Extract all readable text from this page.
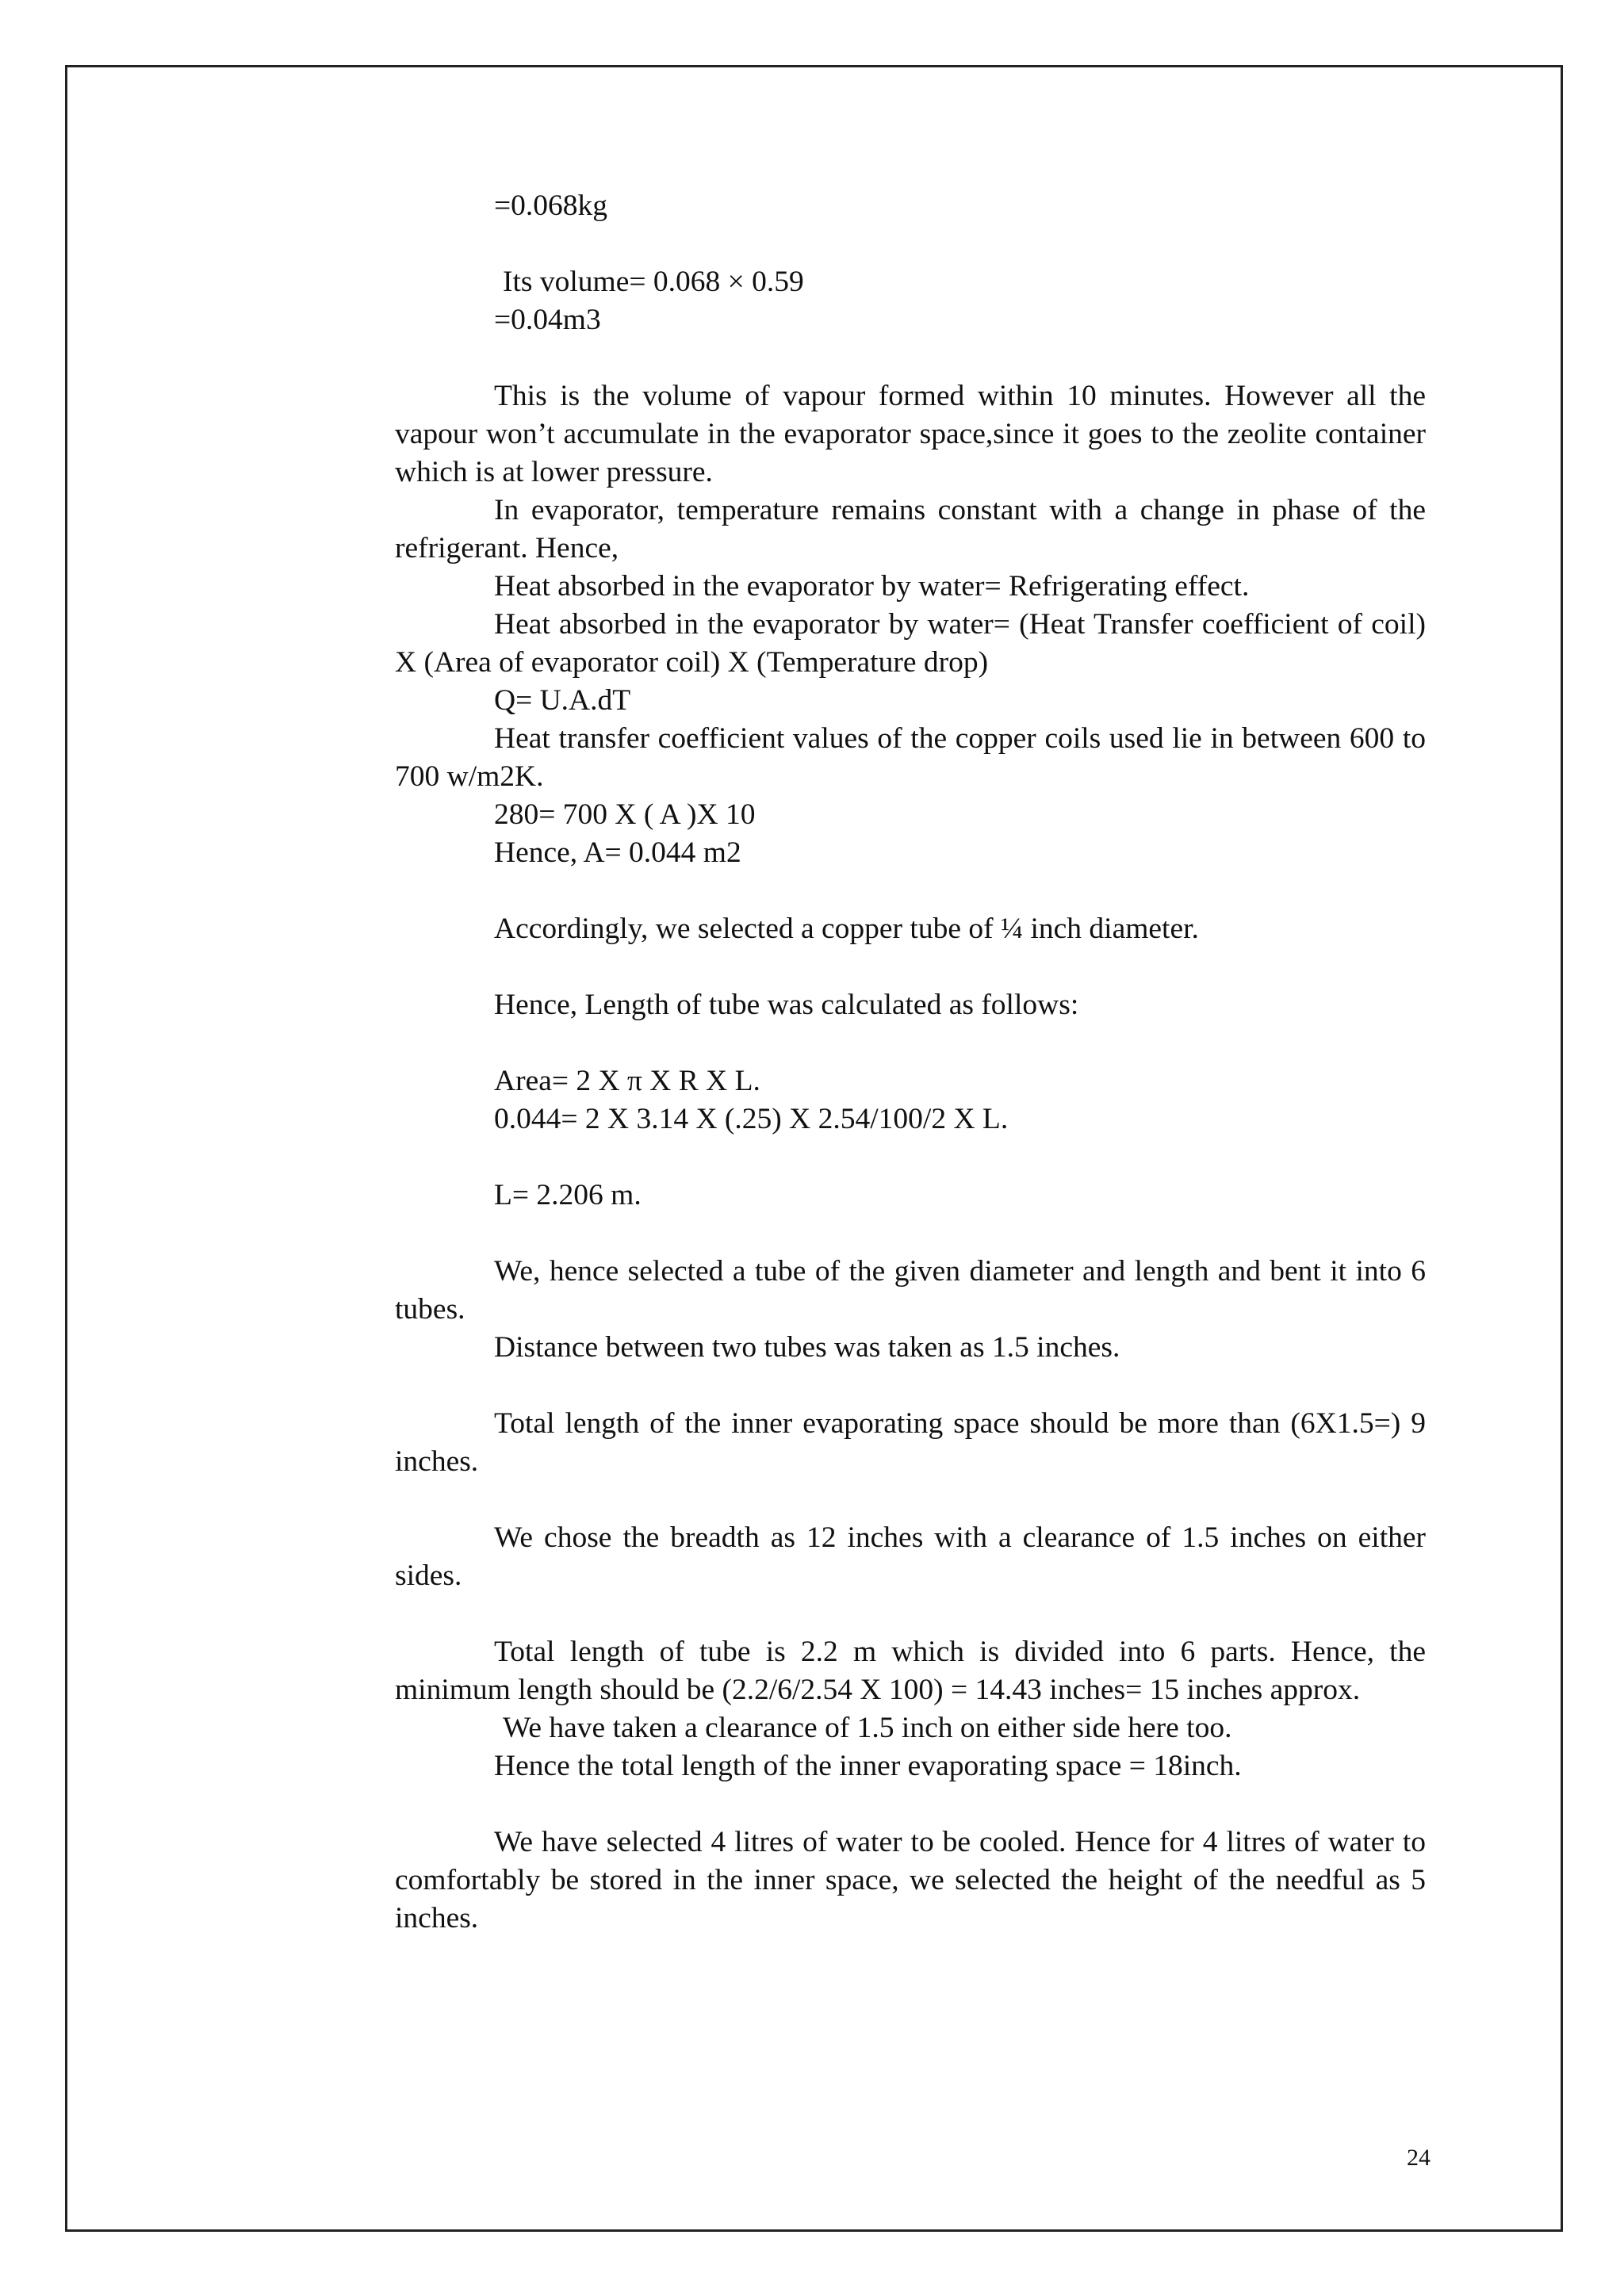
=0.068kg

Its volume= 0.068 × 0.59

=0.04m3

This is the volume of vapour formed within 10 minutes. However all the vapour won’t accumulate in the evaporator space,since it goes to the zeolite container which is at lower pressure.

In evaporator, temperature remains constant with a change in phase of the refrigerant. Hence,

Heat absorbed in the evaporator by water= Refrigerating effect.

Heat absorbed in the evaporator by water= (Heat Transfer coefficient of coil) X (Area of evaporator coil) X (Temperature drop)

Q= U.A.dT

Heat transfer coefficient values of the copper coils used lie in between 600 to 700 w/m2K.

280= 700 X ( A )X 10

Hence, A= 0.044 m2

Accordingly, we selected a copper tube of ¼ inch diameter.

Hence, Length of tube was calculated as follows:

Area= 2 X π X R X L.

0.044= 2 X 3.14 X (.25) X 2.54/100/2 X L.

L= 2.206 m.

We, hence selected a tube of the given diameter and length and bent it into 6 tubes.

Distance between two tubes was taken as 1.5 inches.

Total length of the inner evaporating space should be more than (6X1.5=) 9 inches.

We chose the breadth as 12 inches with a clearance of 1.5 inches on either sides.

Total length of tube is 2.2 m which is divided into 6 parts. Hence, the minimum length should be (2.2/6/2.54 X 100) = 14.43 inches= 15 inches approx.

We have taken a clearance of 1.5 inch on either side here too.

Hence the total length of the inner evaporating space = 18inch.

We have selected 4 litres of water to be cooled. Hence for 4 litres of water to comfortably be stored in the inner space, we selected the height of the needful as 5 inches.

24
